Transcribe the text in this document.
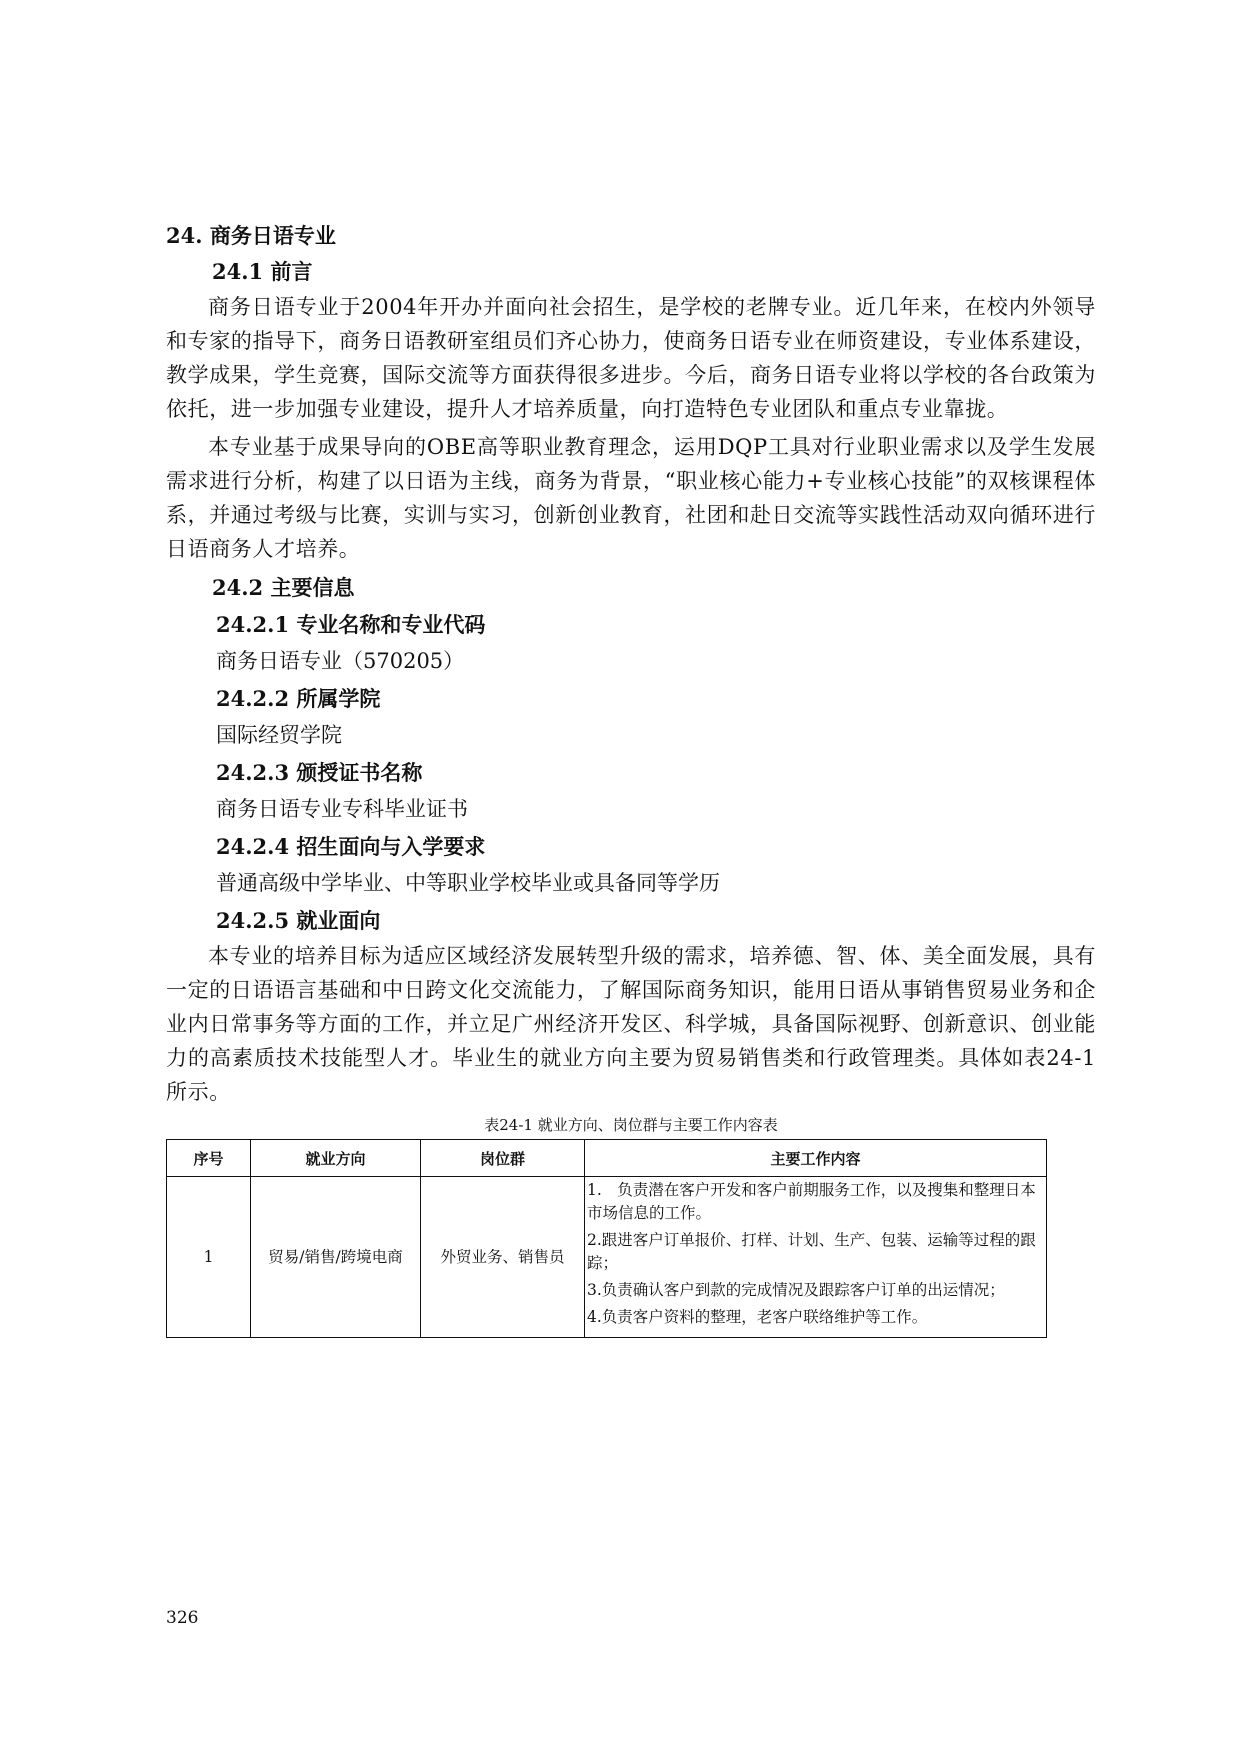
24. 商务日语专业
24.1 前言

商务日语专业于2004年开办并面向社会招生，是学校的老牌专业。近几年来，在校内外领导和专家的指导下，商务日语教研室组员们齐心协力，使商务日语专业在师资建设，专业体系建设，教学成果，学生竞赛，国际交流等方面获得很多进步。今后，商务日语专业将以学校的各台政策为依托，进一步加强专业建设，提升人才培养质量，向打造特色专业团队和重点专业靠拢。

本专业基于成果导向的OBE高等职业教育理念，运用DQP工具对行业职业需求以及学生发展需求进行分析，构建了以日语为主线，商务为背景，“职业核心能力+专业核心技能”的双核课程体系，并通过考级与比赛，实训与实习，创新创业教育，社团和赴日交流等实践性活动双向循环进行日语商务人才培养。

24.2 主要信息
24.2.1 专业名称和专业代码
商务日语专业（570205）
24.2.2 所属学院
国际经贸学院
24.2.3 颁授证书名称
商务日语专业专科毕业证书
24.2.4 招生面向与入学要求
普通高级中学毕业、中等职业学校毕业或具备同等学历
24.2.5 就业面向

本专业的培养目标为适应区域经济发展转型升级的需求，培养德、智、体、美全面发展，具有一定的日语语言基础和中日跨文化交流能力，了解国际商务知识，能用日语从事销售贸易业务和企业内日常事务等方面的工作，并立足广州经济开发区、科学城，具备国际视野、创新意识、创业能力的高素质技术技能型人才。毕业生的就业方向主要为贸易销售类和行政管理类。具体如表24-1所示。

表24-1 就业方向、岗位群与主要工作内容表
序号	就业方向	岗位群	主要工作内容
1	贸易/销售/跨境电商	外贸业务、销售员	1.　负责潜在客户开发和客户前期服务工作，以及搜集和整理日本市场信息的工作。
2.跟进客户订单报价、打样、计划、生产、包装、运输等过程的跟踪；
3.负责确认客户到款的完成情况及跟踪客户订单的出运情况；
4.负责客户资料的整理，老客户联络维护等工作。
326
